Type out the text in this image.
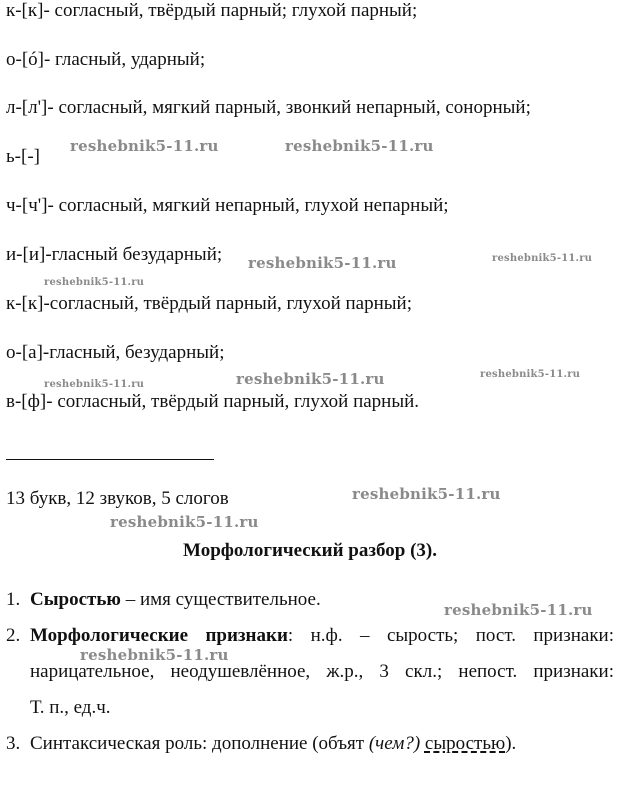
к-[к]- согласный, твёрдый парный; глухой парный;
о-[ó]- гласный, ударный;
л-[л']- согласный, мягкий парный, звонкий непарный, сонорный;
ь-[-]
ч-[ч']- согласный, мягкий непарный, глухой непарный;
и-[и]-гласный безударный;
к-[к]-согласный, твёрдый парный, глухой парный;
о-[а]-гласный, безударный;
в-[ф]- согласный, твёрдый парный, глухой парный.
13 букв, 12 звуков, 5 слогов
Морфологический разбор (3).
1. Сыростью – имя существительное.
2. Морфологические признаки: н.ф. – сырость; пост. признаки:
нарицательное, неодушевлённое, ж.р., 3 скл.; непост. признаки:
Т. п., ед.ч.
3. Синтаксическая роль: дополнение (объят (чем?) сыростью).
reshebnik5-11.ru	reshebnik5-11.ru
reshebnik5-11.ru	reshebnik5-11.ru
reshebnik5-11.ru
reshebnik5-11.ru	reshebnik5-11.ru
reshebnik5-11.ru
reshebnik5-11.ru
reshebnik5-11.ru
reshebnik5-11.ru
reshebnik5-11.ru
